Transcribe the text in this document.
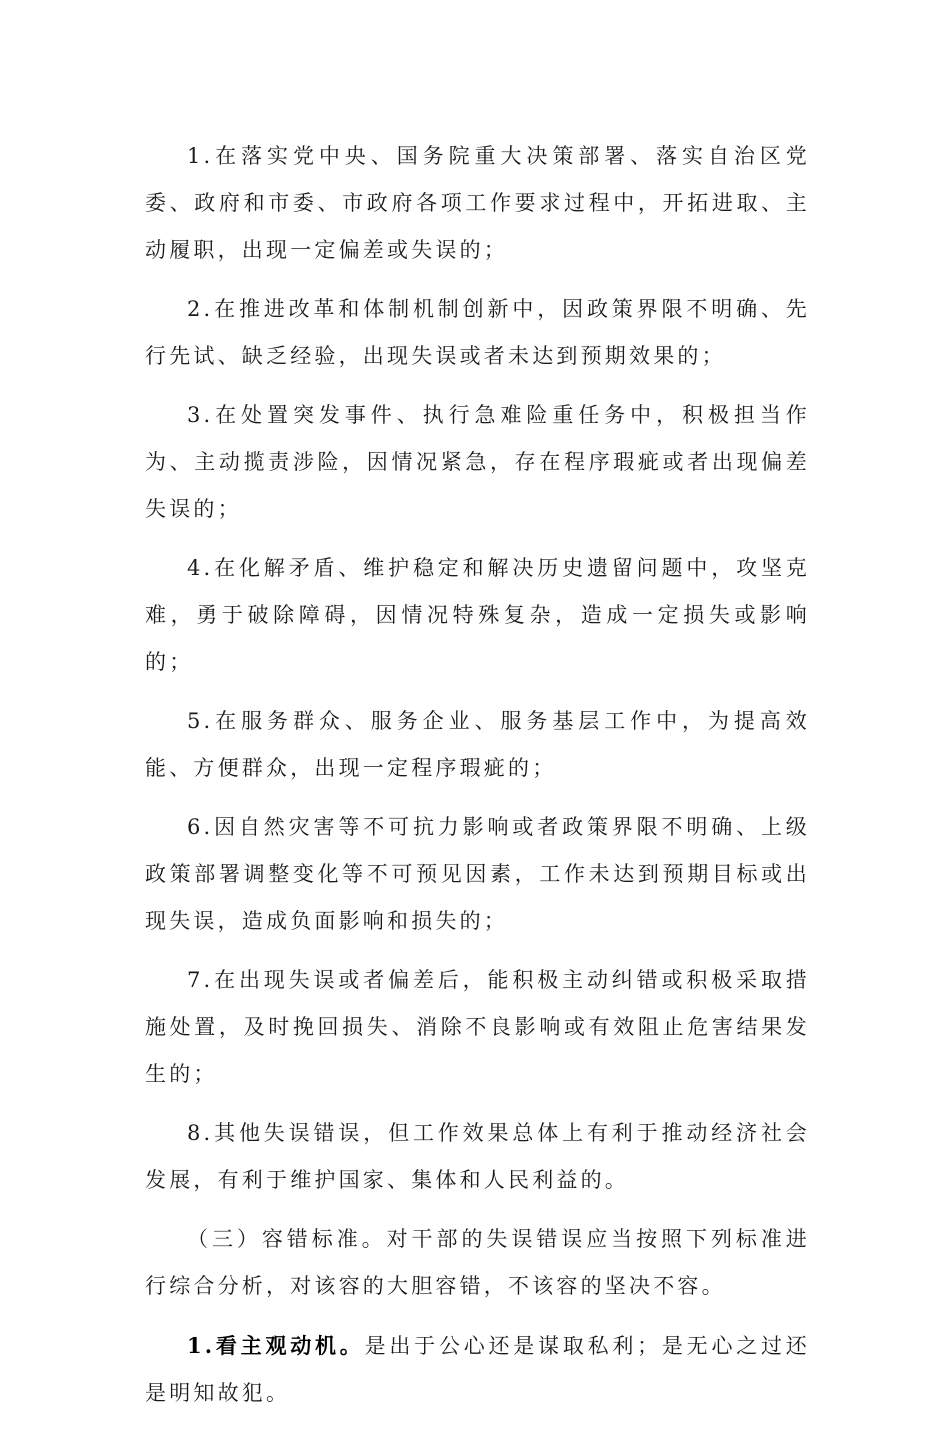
1.在落实党中央、国务院重大决策部署、落实自治区党委、政府和市委、市政府各项工作要求过程中，开拓进取、主动履职，出现一定偏差或失误的；

2.在推进改革和体制机制创新中，因政策界限不明确、先行先试、缺乏经验，出现失误或者未达到预期效果的；

3.在处置突发事件、执行急难险重任务中，积极担当作为、主动揽责涉险，因情况紧急，存在程序瑕疵或者出现偏差失误的；

4.在化解矛盾、维护稳定和解决历史遗留问题中，攻坚克难，勇于破除障碍，因情况特殊复杂，造成一定损失或影响的；

5.在服务群众、服务企业、服务基层工作中，为提高效能、方便群众，出现一定程序瑕疵的；

6.因自然灾害等不可抗力影响或者政策界限不明确、上级政策部署调整变化等不可预见因素，工作未达到预期目标或出现失误，造成负面影响和损失的；

7.在出现失误或者偏差后，能积极主动纠错或积极采取措施处置，及时挽回损失、消除不良影响或有效阻止危害结果发生的；

8.其他失误错误，但工作效果总体上有利于推动经济社会发展，有利于维护国家、集体和人民利益的。

（三）容错标准。对干部的失误错误应当按照下列标准进行综合分析，对该容的大胆容错，不该容的坚决不容。

1.看主观动机。是出于公心还是谋取私利；是无心之过还是明知故犯。
